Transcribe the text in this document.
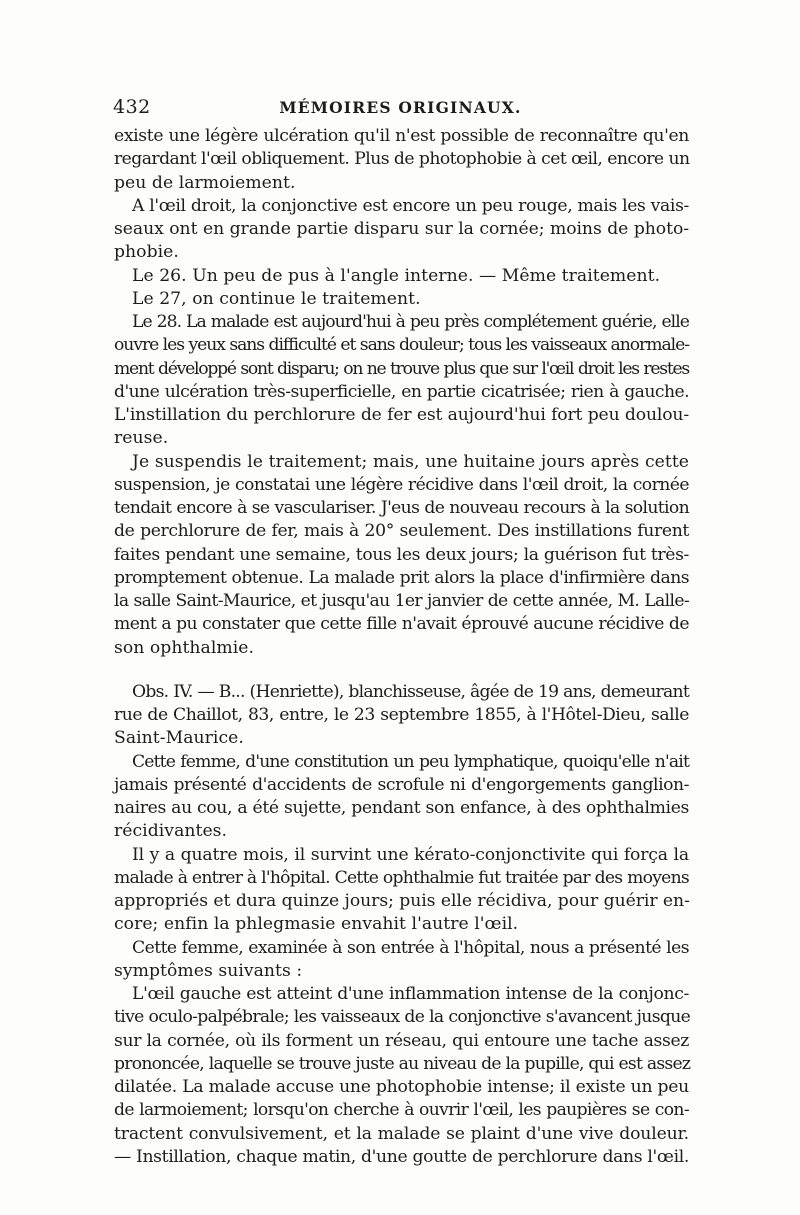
432	MÉMOIRES ORIGINAUX.
existe une légère ulcération qu'il n'est possible de reconnaître qu'en
regardant l'œil obliquement. Plus de photophobie à cet œil, encore un
peu de larmoiement.
A l'œil droit, la conjonctive est encore un peu rouge, mais les vais-
seaux ont en grande partie disparu sur la cornée; moins de photo-
phobie.
Le 26. Un peu de pus à l'angle interne. — Même traitement.
Le 27, on continue le traitement.
Le 28. La malade est aujourd'hui à peu près complétement guérie, elle
ouvre les yeux sans difficulté et sans douleur; tous les vaisseaux anormale-
ment développé sont disparu; on ne trouve plus que sur l'œil droit les restes
d'une ulcération très-superficielle, en partie cicatrisée; rien à gauche.
L'instillation du perchlorure de fer est aujourd'hui fort peu doulou-
reuse.
Je suspendis le traitement; mais, une huitaine jours après cette
suspension, je constatai une légère récidive dans l'œil droit, la cornée
tendait encore à se vasculariser. J'eus de nouveau recours à la solution
de perchlorure de fer, mais à 20° seulement. Des instillations furent
faites pendant une semaine, tous les deux jours; la guérison fut très-
promptement obtenue. La malade prit alors la place d'infirmière dans
la salle Saint-Maurice, et jusqu'au 1er janvier de cette année, M. Lalle-
ment a pu constater que cette fille n'avait éprouvé aucune récidive de
son ophthalmie.
Obs. IV. — B... (Henriette), blanchisseuse, âgée de 19 ans, demeurant
rue de Chaillot, 83, entre, le 23 septembre 1855, à l'Hôtel-Dieu, salle
Saint-Maurice.
Cette femme, d'une constitution un peu lymphatique, quoiqu'elle n'ait
jamais présenté d'accidents de scrofule ni d'engorgements ganglion-
naires au cou, a été sujette, pendant son enfance, à des ophthalmies
récidivantes.
Il y a quatre mois, il survint une kérato-conjonctivite qui força la
malade à entrer à l'hôpital. Cette ophthalmie fut traitée par des moyens
appropriés et dura quinze jours; puis elle récidiva, pour guérir en-
core; enfin la phlegmasie envahit l'autre l'œil.
Cette femme, examinée à son entrée à l'hôpital, nous a présenté les
symptômes suivants :
L'œil gauche est atteint d'une inflammation intense de la conjonc-
tive oculo-palpébrale; les vaisseaux de la conjonctive s'avancent jusque
sur la cornée, où ils forment un réseau, qui entoure une tache assez
prononcée, laquelle se trouve juste au niveau de la pupille, qui est assez
dilatée. La malade accuse une photophobie intense; il existe un peu
de larmoiement; lorsqu'on cherche à ouvrir l'œil, les paupières se con-
tractent convulsivement, et la malade se plaint d'une vive douleur.
— Instillation, chaque matin, d'une goutte de perchlorure dans l'œil.
